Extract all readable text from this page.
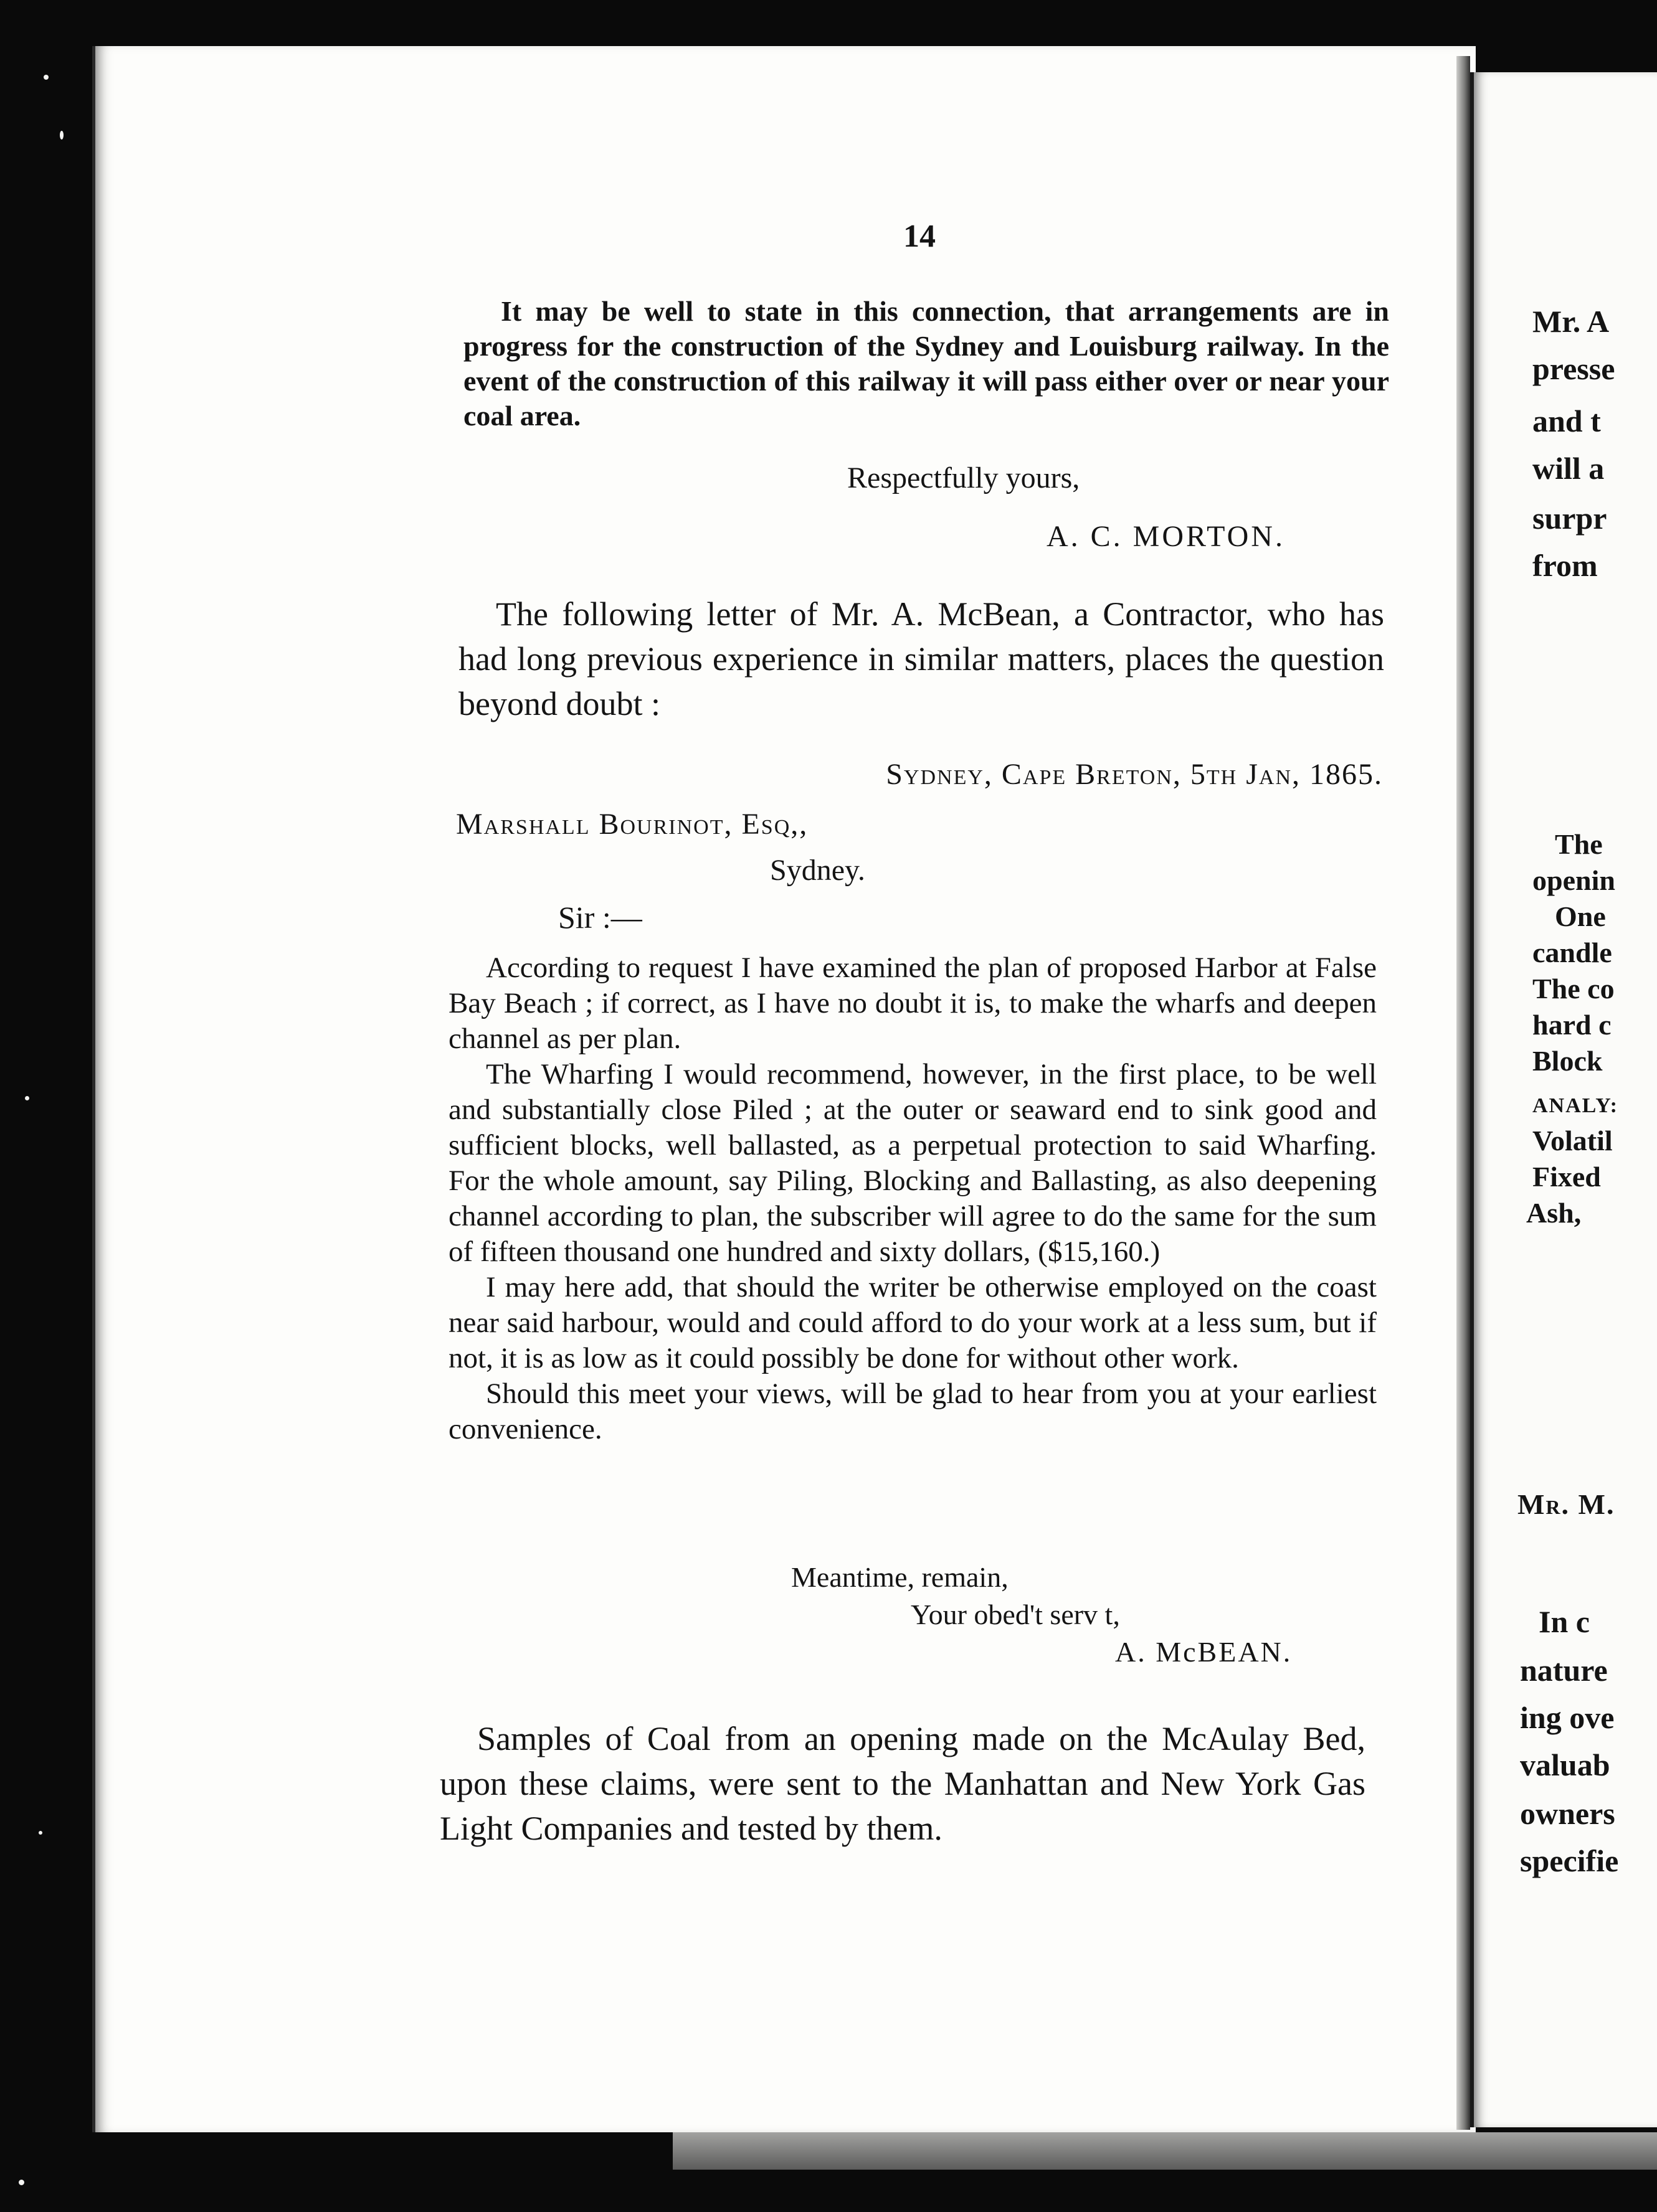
14

It may be well to state in this connection, that arrangements are in progress for the construction of the Sydney and Louisburg railway. In the event of the construction of this railway it will pass either over or near your coal area.

Respectfully yours,

A. C. MORTON.

The following letter of Mr. A. McBean, a Contractor, who has had long previous experience in similar matters, places the question beyond doubt :

Sydney, Cape Breton, 5th Jan, 1865.

Marshall Bourinot, Esq,,

Sydney.

Sir :—

According to request I have examined the plan of proposed Harbor at False Bay Beach ; if correct, as I have no doubt it is, to make the wharfs and deepen channel as per plan.

The Wharfing I would recommend, however, in the first place, to be well and substantially close Piled ; at the outer or seaward end to sink good and sufficient blocks, well ballasted, as a perpetual protection to said Wharfing. For the whole amount, say Piling, Blocking and Ballasting, as also deepening channel according to plan, the subscriber will agree to do the same for the sum of fifteen thousand one hundred and sixty dollars, ($15,160.)

I may here add, that should the writer be otherwise employed on the coast near said harbour, would and could afford to do your work at a less sum, but if not, it is as low as it could possibly be done for without other work.

Should this meet your views, will be glad to hear from you at your earliest convenience.

Meantime, remain,

Your obed't serv t,

A. McBEAN.

Samples of Coal from an opening made on the McAulay Bed, upon these claims, were sent to the Manhattan and New York Gas Light Companies and tested by them.

Mr. A
presse
and t
will a
surpr
from
The
openin
One
candle
The co
hard c
Block
ANALY:
Volatil
Fixed
Ash,
Mr. M.
In c
nature
ing ove
valuab
owners
specifie
